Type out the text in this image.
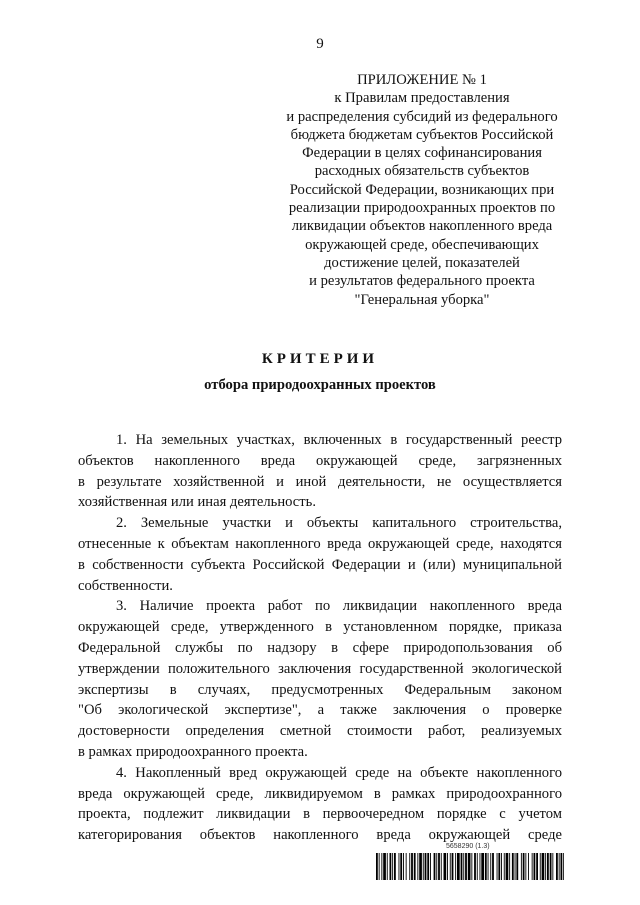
9
ПРИЛОЖЕНИЕ № 1
к Правилам предоставления
и распределения субсидий из федерального
бюджета бюджетам субъектов Российской
Федерации в целях софинансирования
расходных обязательств субъектов
Российской Федерации, возникающих при
реализации природоохранных проектов по
ликвидации объектов накопленного вреда
окружающей среде, обеспечивающих
достижение целей, показателей
и результатов федерального проекта
"Генеральная уборка"
КРИТЕРИИ
отбора природоохранных проектов

1. На земельных участках, включенных в государственный реестр
объектов накопленного вреда окружающей среде, загрязненных
в результате хозяйственной и иной деятельности, не осуществляется
хозяйственная или иная деятельность.

2. Земельные участки и объекты капитального строительства,
отнесенные к объектам накопленного вреда окружающей среде, находятся
в собственности субъекта Российской Федерации и (или) муниципальной
собственности.

3. Наличие проекта работ по ликвидации накопленного вреда
окружающей среде, утвержденного в установленном порядке, приказа
Федеральной службы по надзору в сфере природопользования об
утверждении положительного заключения государственной экологической
экспертизы в случаях, предусмотренных Федеральным законом
"Об экологической экспертизе", а также заключения о проверке
достоверности определения сметной стоимости работ, реализуемых
в рамках природоохранного проекта.

4. Накопленный вред окружающей среде на объекте накопленного
вреда окружающей среде, ликвидируемом в рамках природоохранного
проекта, подлежит ликвидации в первоочередном порядке с учетом
категорирования объектов накопленного вреда окружающей среде

5658290 (1.3)
